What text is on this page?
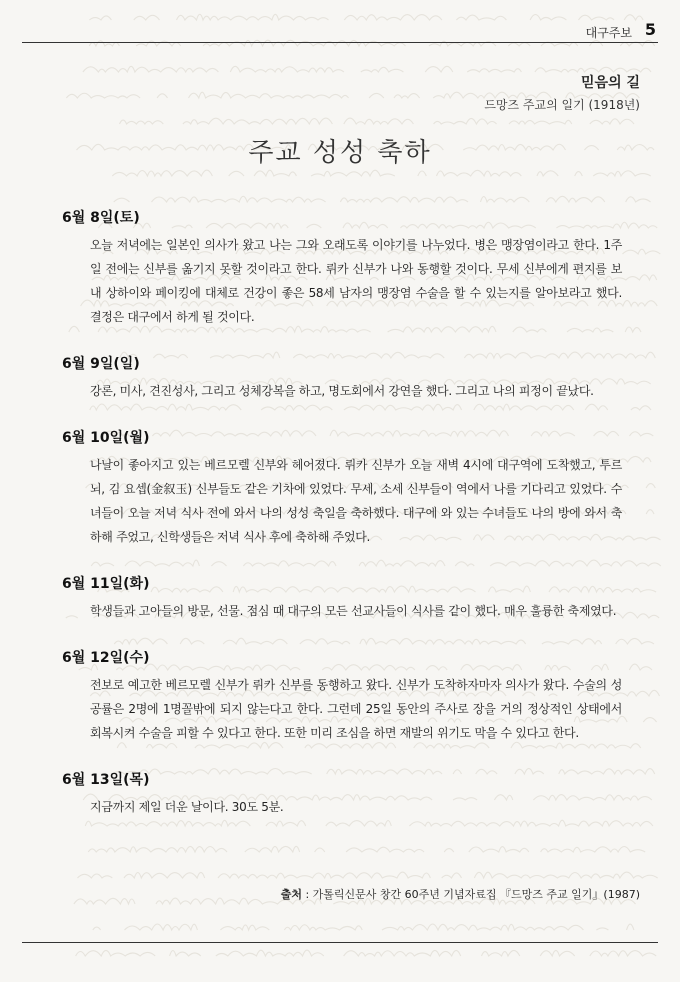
대구주보 5
믿음의 길
드망즈 주교의 일기 (1918년)
주교 성성 축하
6월 8일(토)

오늘 저녁에는 일본인 의사가 왔고 나는 그와 오래도록 이야기를 나누었다. 병은 맹장염이라고 한다. 1주일 전에는 신부를 옮기지 못할 것이라고 한다. 뤼카 신부가 나와 동행할 것이다. 무세 신부에게 편지를 보내 상하이와 페이킹에 대체로 건강이 좋은 58세 남자의 맹장염 수술을 할 수 있는지를 알아보라고 했다. 결정은 대구에서 하게 될 것이다.

6월 9일(일)

강론, 미사, 견진성사, 그리고 성체강복을 하고, 명도회에서 강연을 했다. 그리고 나의 피정이 끝났다.

6월 10일(월)

나날이 좋아지고 있는 베르모렐 신부와 헤어졌다. 뤼카 신부가 오늘 새벽 4시에 대구역에 도착했고, 투르뇌, 김 요셉(金叙玉) 신부들도 같은 기차에 있었다. 무세, 소세 신부들이 역에서 나를 기다리고 있었다. 수녀들이 오늘 저녁 식사 전에 와서 나의 성성 축일을 축하했다. 대구에 와 있는 수녀들도 나의 방에 와서 축하해 주었고, 신학생들은 저녁 식사 후에 축하해 주었다.

6월 11일(화)

학생들과 고아들의 방문, 선물. 점심 때 대구의 모든 선교사들이 식사를 같이 했다. 매우 훌륭한 축제였다.

6월 12일(수)

전보로 예고한 베르모렐 신부가 뤼카 신부를 동행하고 왔다. 신부가 도착하자마자 의사가 왔다. 수술의 성공률은 2명에 1명꼴밖에 되지 않는다고 한다. 그런데 25일 동안의 주사로 장을 거의 정상적인 상태에서 회복시켜 수술을 피할 수 있다고 한다. 또한 미리 조심을 하면 재발의 위기도 막을 수 있다고 한다.

6월 13일(목)

지금까지 제일 더운 날이다. 30도 5분.

출처 : 가톨릭신문사 창간 60주년 기념자료집 『드망즈 주교 일기』(1987)
